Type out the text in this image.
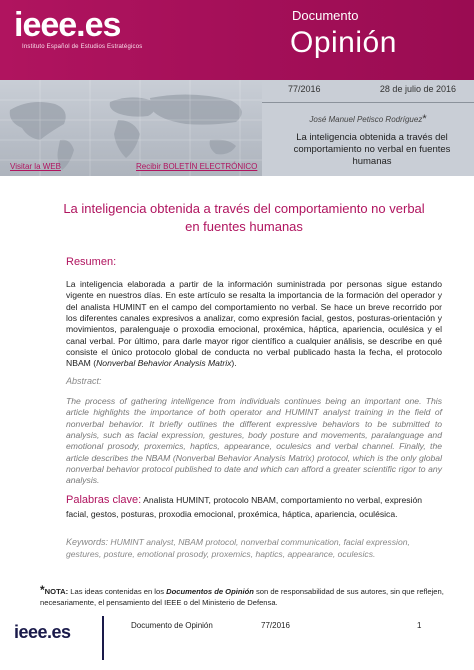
ieee.es
Instituto Español de Estudios Estratégicos
Documento
Opinión
Visitar la WEB	Recibir BOLETÍN ELECTRÓNICO
77/2016	28 de julio de 2016
José Manuel Petisco Rodríguez*
La inteligencia obtenida a través del comportamiento no verbal en fuentes humanas
La inteligencia obtenida a través del comportamiento no verbal en fuentes humanas
Resumen:
La inteligencia elaborada a partir de la información suministrada por personas sigue estando vigente en nuestros días. En este artículo se resalta la importancia de la formación del operador y del analista HUMINT en el campo del comportamiento no verbal. Se hace un breve recorrido por los diferentes canales expresivos a analizar, como expresión facial, gestos, posturas-orientación y movimientos, paralenguaje o proxodia emocional, proxémica, háptica, apariencia, oculésica y el canal verbal. Por último, para darle mayor rigor científico a cualquier análisis, se describe en qué consiste el único protocolo global de conducta no verbal publicado hasta la fecha, el protocolo NBAM (Nonverbal Behavior Analysis Matrix).
Abstract:
The process of gathering intelligence from individuals continues being an important one. This article highlights the importance of both operator and HUMINT analyst training in the field of nonverbal behavior. It briefly outlines the different expressive behaviors to be submitted to analysis, such as facial expression, gestures, body posture and movements, paralanguage and emotional prosody, proxemics, haptics, appearance, oculesics and verbal channel. Finally, the article describes the NBAM (Nonverbal Behavior Analysis Matrix) protocol, which is the only global nonverbal behavior protocol published to date and which can afford a greater scientific rigor to any analysis.
Palabras clave: Analista HUMINT, protocolo NBAM, comportamiento no verbal, expresión facial, gestos, posturas, proxodia emocional, proxémica, háptica, apariencia, oculésica.
Keywords: HUMINT analyst, NBAM protocol, nonverbal communication, facial expression, gestures, posture, emotional prosody, proxemics, haptics, appearance, oculesics.
*NOTA: Las ideas contenidas en los Documentos de Opinión son de responsabilidad de sus autores, sin que reflejen, necesariamente, el pensamiento del IEEE o del Ministerio de Defensa.
ieee.es	Documento de Opinión	77/2016	1
